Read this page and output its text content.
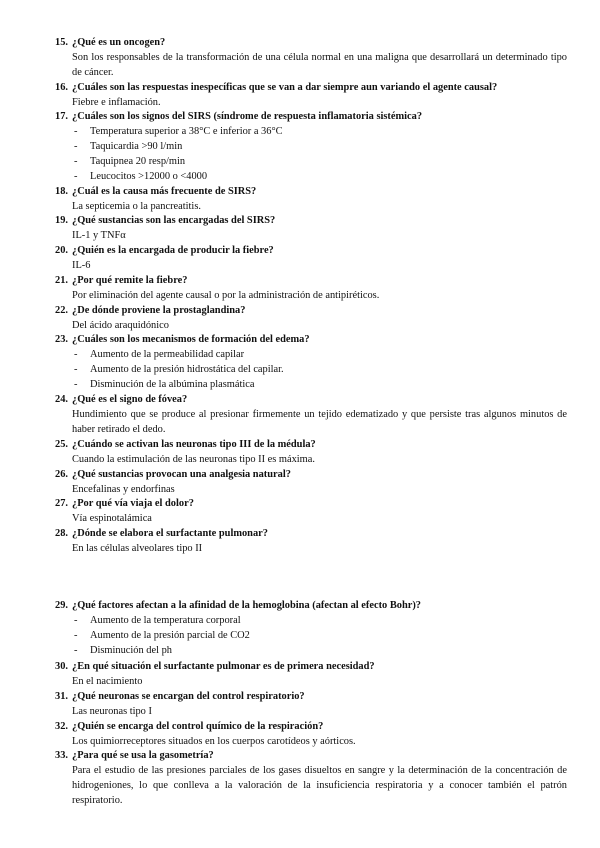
15. ¿Qué es un oncogen?
Son los responsables de la transformación de una célula normal en una maligna que desarrollará un determinado tipo de cáncer.
16. ¿Cuáles son las respuestas inespecíficas que se van a dar siempre aun variando el agente causal?
Fiebre e inflamación.
17. ¿Cuáles son los signos del SIRS (síndrome de respuesta inflamatoria sistémica?
- Temperatura superior a 38°C e inferior a 36°C
- Taquicardia >90 l/min
- Taquipnea 20 resp/min
- Leucocitos >12000 o <4000
18. ¿Cuál es la causa más frecuente de SIRS?
La septicemia o la pancreatitis.
19. ¿Qué sustancias son las encargadas del SIRS?
IL-1 y TNFα
20. ¿Quién es la encargada de producir la fiebre?
IL-6
21. ¿Por qué remite la fiebre?
Por eliminación del agente causal o por la administración de antipiréticos.
22. ¿De dónde proviene la prostaglandina?
Del ácido araquidónico
23. ¿Cuáles son los mecanismos de formación del edema?
- Aumento de la permeabilidad capilar
- Aumento de la presión hidrostática del capilar.
- Disminución de la albúmina plasmática
24. ¿Qué es el signo de fóvea?
Hundimiento que se produce al presionar firmemente un tejido edematizado y que persiste tras algunos minutos de haber retirado el dedo.
25. ¿Cuándo se activan las neuronas tipo III de la médula?
Cuando la estimulación de las neuronas tipo II es máxima.
26. ¿Qué sustancias provocan una analgesia natural?
Encefalinas y endorfinas
27. ¿Por qué vía viaja el dolor?
Vía espinotalámica
28. ¿Dónde se elabora el surfactante pulmonar?
En las células alveolares tipo II
29. ¿Qué factores afectan a la afinidad de la hemoglobina (afectan al efecto Bohr)?
- Aumento de la temperatura corporal
- Aumento de la presión parcial de CO2
- Disminución del ph
30. ¿En qué situación el surfactante pulmonar es de primera necesidad?
En el nacimiento
31. ¿Qué neuronas se encargan del control respiratorio?
Las neuronas tipo I
32. ¿Quién se encarga del control químico de la respiración?
Los quimiorreceptores situados en los cuerpos carotídeos y aórticos.
33. ¿Para qué se usa la gasometría?
Para el estudio de las presiones parciales de los gases disueltos en sangre y la determinación de la concentración de hidrogeniones, lo que conlleva a la valoración de la insuficiencia respiratoria y a conocer también el patrón respiratorio.
